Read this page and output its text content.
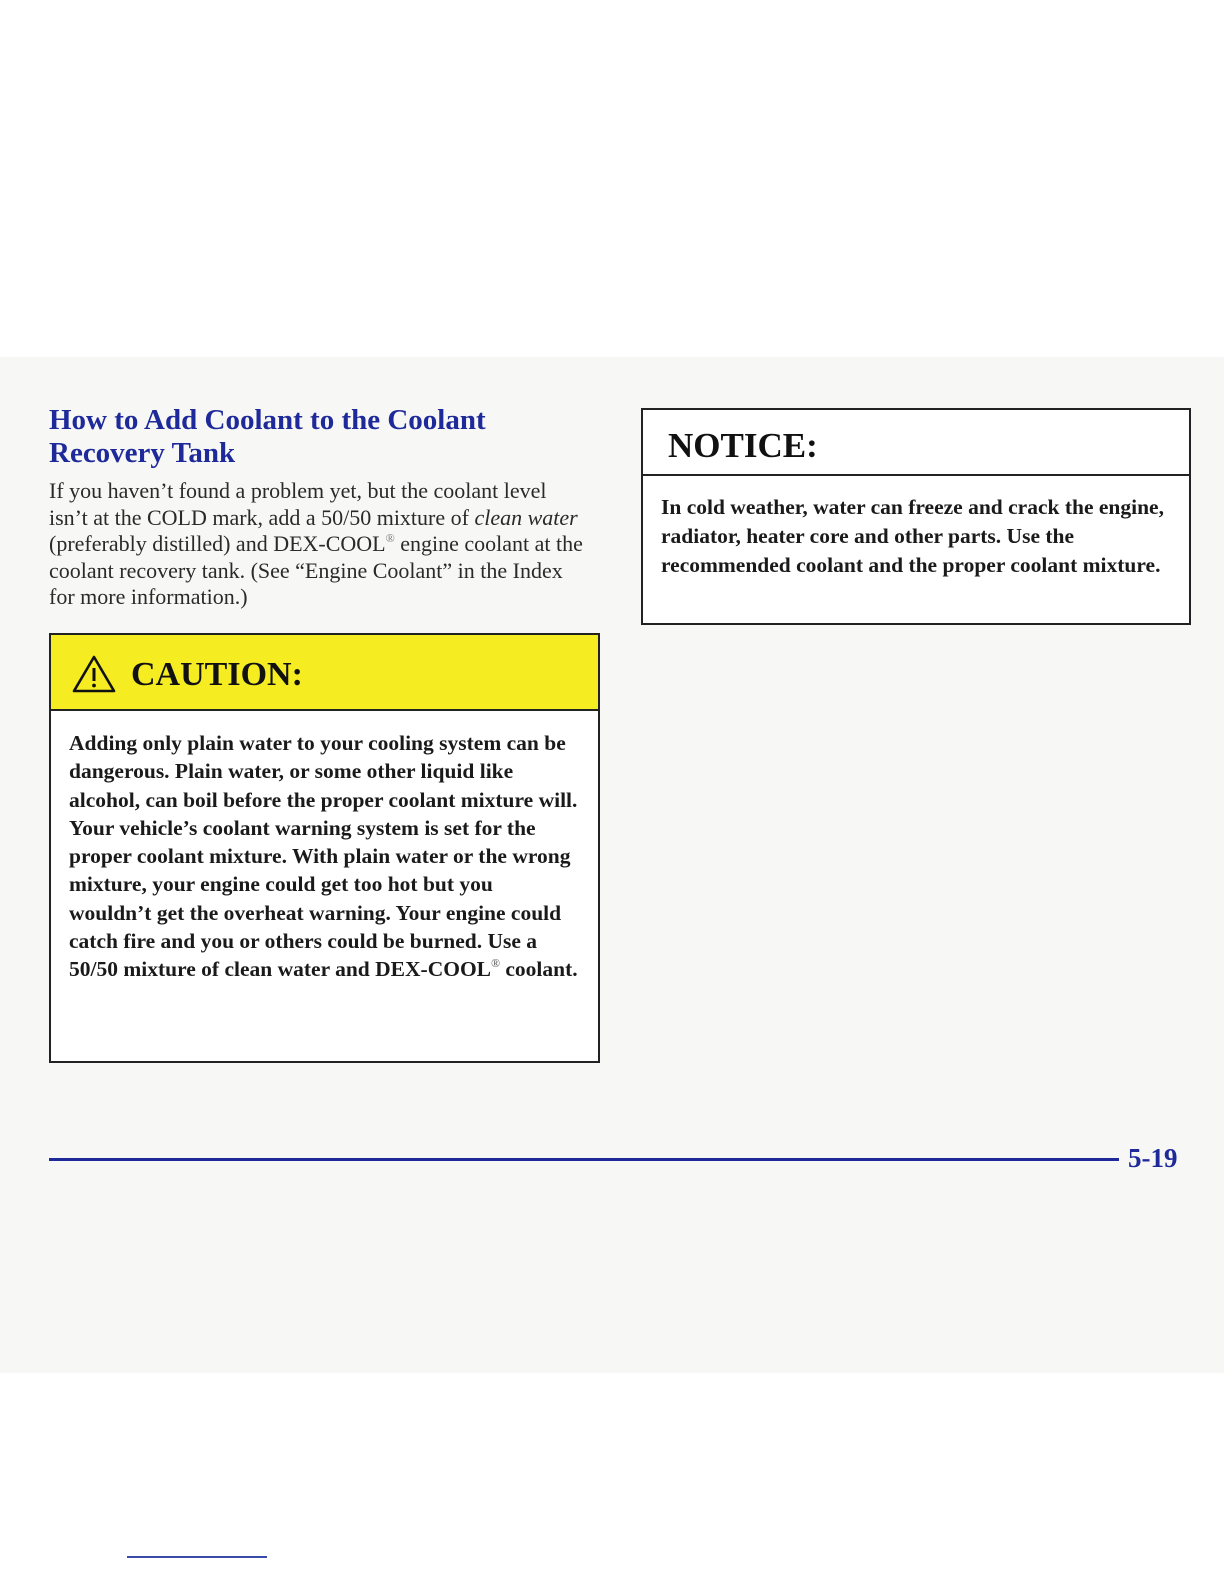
How to Add Coolant to the Coolant Recovery Tank

If you haven’t found a problem yet, but the coolant level isn’t at the COLD mark, add a 50/50 mixture of clean water (preferably distilled) and DEX-COOL® engine coolant at the coolant recovery tank. (See “Engine Coolant” in the Index for more information.)

CAUTION:

Adding only plain water to your cooling system can be dangerous. Plain water, or some other liquid like alcohol, can boil before the proper coolant mixture will. Your vehicle’s coolant warning system is set for the proper coolant mixture. With plain water or the wrong mixture, your engine could get too hot but you wouldn’t get the overheat warning. Your engine could catch fire and you or others could be burned. Use a 50/50 mixture of clean water and DEX-COOL® coolant.

NOTICE:

In cold weather, water can freeze and crack the engine, radiator, heater core and other parts. Use the recommended coolant and the proper coolant mixture.

5-19
